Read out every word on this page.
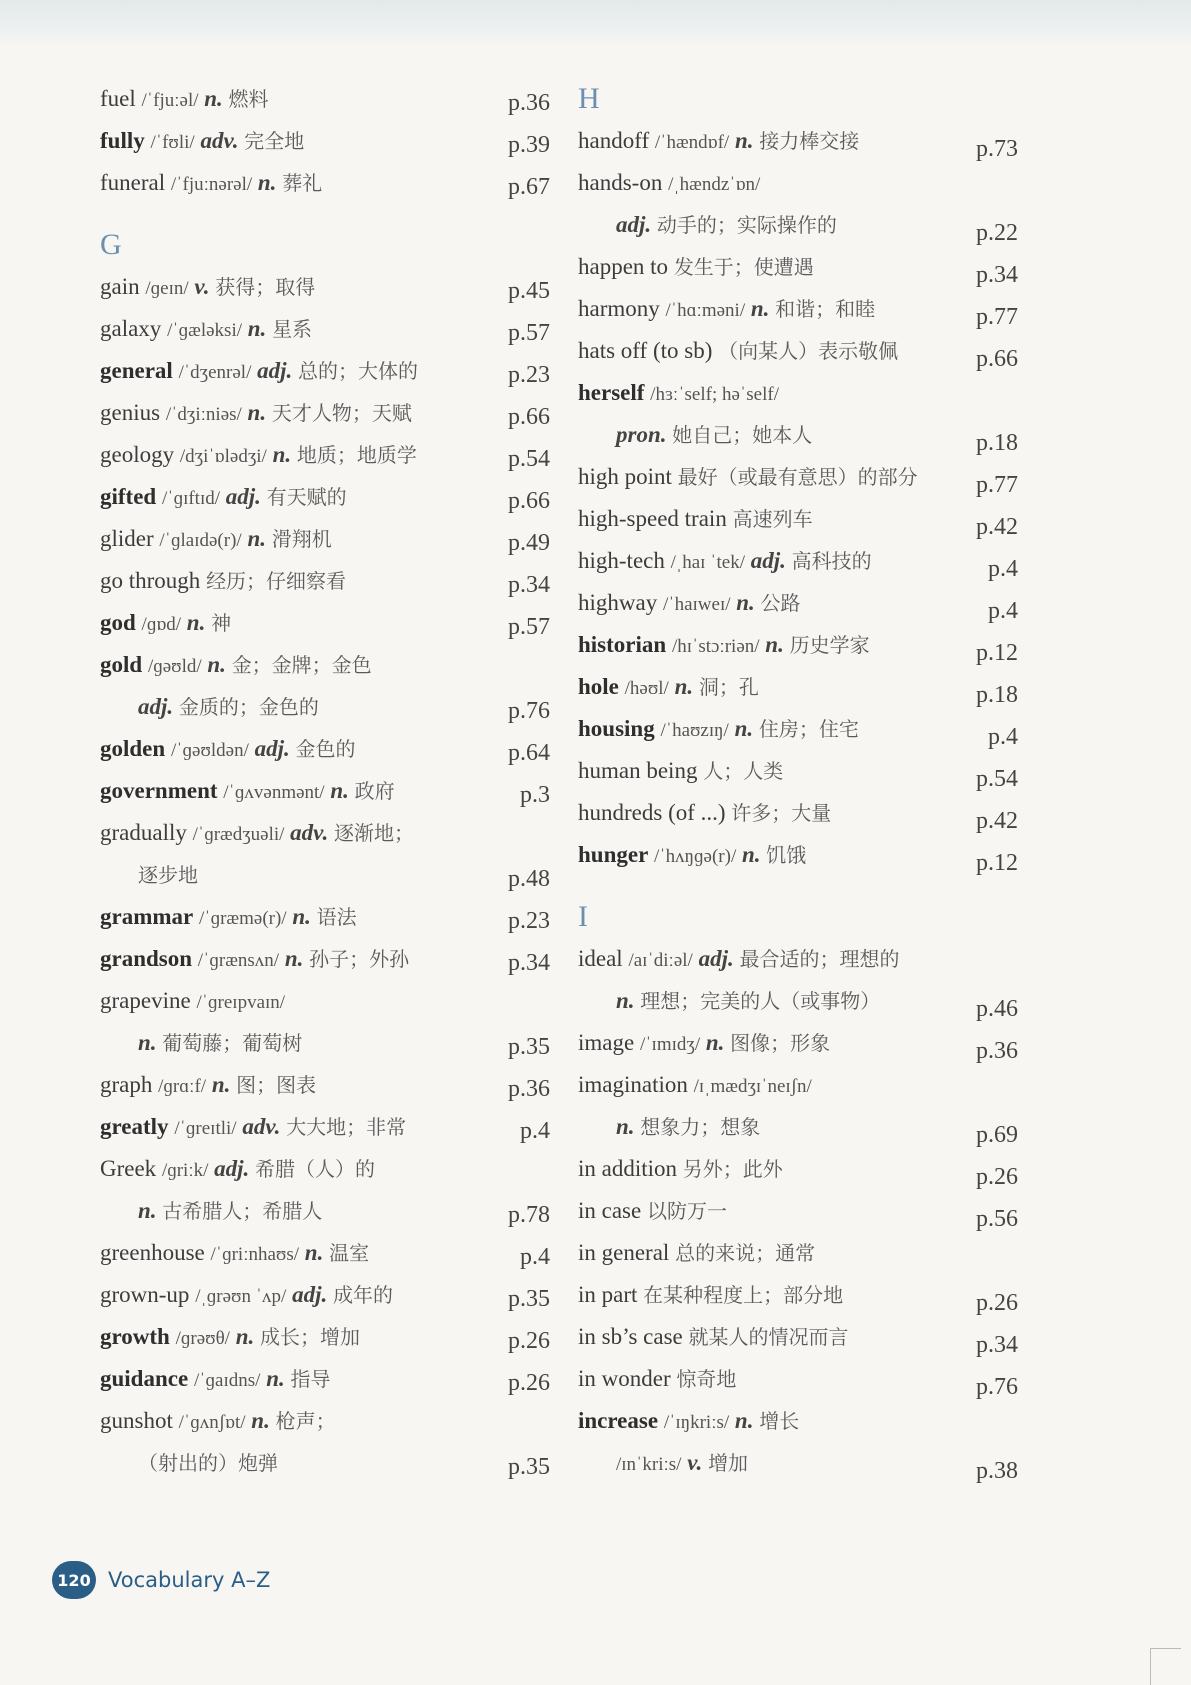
fuel /ˈfjuːəl/ n. 燃料	p.36
fully /ˈfʊli/ adv. 完全地	p.39
funeral /ˈfjuːnərəl/ n. 葬礼	p.67
G
gain /ɡeɪn/ v. 获得；取得	p.45
galaxy /ˈɡæləksi/ n. 星系	p.57
general /ˈdʒenrəl/ adj. 总的；大体的	p.23
genius /ˈdʒiːniəs/ n. 天才人物；天赋	p.66
geology /dʒiˈɒlədʒi/ n. 地质；地质学	p.54
gifted /ˈɡɪftɪd/ adj. 有天赋的	p.66
glider /ˈɡlaɪdə(r)/ n. 滑翔机	p.49
go through 经历；仔细察看	p.34
god /ɡɒd/ n. 神	p.57
gold /ɡəʊld/ n. 金；金牌；金色
adj. 金质的；金色的	p.76
golden /ˈɡəʊldən/ adj. 金色的	p.64
government /ˈɡʌvənmənt/ n. 政府	p.3
gradually /ˈɡrædʒuəli/ adv. 逐渐地；
逐步地	p.48
grammar /ˈɡræmə(r)/ n. 语法	p.23
grandson /ˈɡrænsʌn/ n. 孙子；外孙	p.34
grapevine /ˈɡreɪpvaɪn/
n. 葡萄藤；葡萄树	p.35
graph /ɡrɑːf/ n. 图；图表	p.36
greatly /ˈɡreɪtli/ adv. 大大地；非常	p.4
Greek /ɡriːk/ adj. 希腊（人）的
n. 古希腊人；希腊人	p.78
greenhouse /ˈɡriːnhaʊs/ n. 温室	p.4
grown-up /ˌɡrəʊn ˈʌp/ adj. 成年的	p.35
growth /ɡrəʊθ/ n. 成长；增加	p.26
guidance /ˈɡaɪdns/ n. 指导	p.26
gunshot /ˈɡʌnʃɒt/ n. 枪声；
（射出的）炮弹	p.35
H
handoff /ˈhændɒf/ n. 接力棒交接	p.73
hands-on /ˌhændzˈɒn/
adj. 动手的；实际操作的	p.22
happen to 发生于；使遭遇	p.34
harmony /ˈhɑːməni/ n. 和谐；和睦	p.77
hats off (to sb) （向某人）表示敬佩	p.66
herself /hɜːˈself; həˈself/
pron. 她自己；她本人	p.18
high point 最好（或最有意思）的部分 p.77
high-speed train 高速列车	p.42
high-tech /ˌhaɪ ˈtek/ adj. 高科技的	p.4
highway /ˈhaɪweɪ/ n. 公路	p.4
historian /hɪˈstɔːriən/ n. 历史学家	p.12
hole /həʊl/ n. 洞；孔	p.18
housing /ˈhaʊzɪŋ/ n. 住房；住宅	p.4
human being 人；人类	p.54
hundreds (of ...) 许多；大量	p.42
hunger /ˈhʌŋɡə(r)/ n. 饥饿	p.12
I
ideal /aɪˈdiːəl/ adj. 最合适的；理想的
n. 理想；完美的人（或事物）	p.46
image /ˈɪmɪdʒ/ n. 图像；形象	p.36
imagination /ɪˌmædʒɪˈneɪʃn/
n. 想象力；想象	p.69
in addition 另外；此外	p.26
in case 以防万一	p.56
in general 总的来说；通常
in part 在某种程度上；部分地	p.26
in sb’s case 就某人的情况而言	p.34
in wonder 惊奇地	p.76
increase /ˈɪŋkriːs/ n. 增长
/ɪnˈkriːs/ v. 增加	p.38
120 Vocabulary A–Z
